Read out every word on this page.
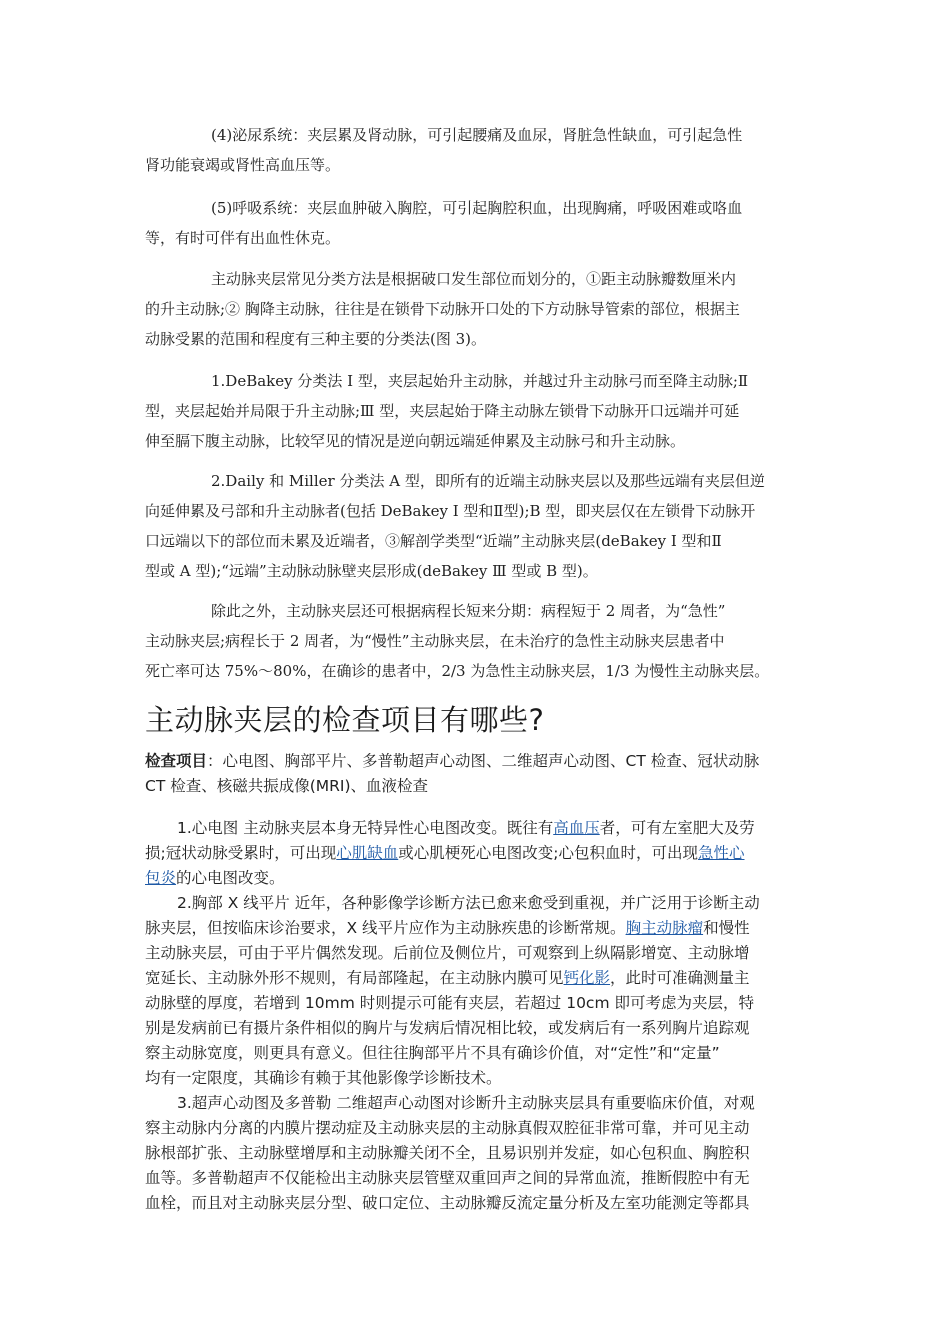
(4)泌尿系统：夹层累及肾动脉，可引起腰痛及血尿，肾脏急性缺血，可引起急性
肾功能衰竭或肾性高血压等。
(5)呼吸系统：夹层血肿破入胸腔，可引起胸腔积血，出现胸痛，呼吸困难或咯血
等，有时可伴有出血性休克。
主动脉夹层常见分类方法是根据破口发生部位而划分的，①距主动脉瓣数厘米内
的升主动脉;② 胸降主动脉，往往是在锁骨下动脉开口处的下方动脉导管索的部位，根据主
动脉受累的范围和程度有三种主要的分类法(图 3)。
1.DeBakey 分类法 Ⅰ 型，夹层起始升主动脉，并越过升主动脉弓而至降主动脉;Ⅱ
型，夹层起始并局限于升主动脉;Ⅲ 型，夹层起始于降主动脉左锁骨下动脉开口远端并可延
伸至膈下腹主动脉，比较罕见的情况是逆向朝远端延伸累及主动脉弓和升主动脉。
2.Daily 和 Miller 分类法 A 型，即所有的近端主动脉夹层以及那些远端有夹层但逆
向延伸累及弓部和升主动脉者(包括 DeBakey Ⅰ 型和Ⅱ型);B 型，即夹层仅在左锁骨下动脉开
口远端以下的部位而未累及近端者，③解剖学类型“近端”主动脉夹层(deBakey Ⅰ 型和Ⅱ
型或 A 型);“远端”主动脉动脉壁夹层形成(deBakey Ⅲ 型或 B 型)。
除此之外，主动脉夹层还可根据病程长短来分期：病程短于 2 周者，为“急性”
主动脉夹层;病程长于 2 周者，为“慢性”主动脉夹层，在未治疗的急性主动脉夹层患者中
死亡率可达 75%～80%，在确诊的患者中，2/3 为急性主动脉夹层，1/3 为慢性主动脉夹层。
主动脉夹层的检查项目有哪些?
检查项目：心电图、胸部平片、多普勒超声心动图、二维超声心动图、CT 检查、冠状动脉
CT 检查、核磁共振成像(MRI)、血液检查
1.心电图 主动脉夹层本身无特异性心电图改变。既往有高血压者，可有左室肥大及劳
损;冠状动脉受累时，可出现心肌缺血或心肌梗死心电图改变;心包积血时，可出现急性心
包炎的心电图改变。
2.胸部 X 线平片 近年，各种影像学诊断方法已愈来愈受到重视，并广泛用于诊断主动
脉夹层，但按临床诊治要求，X 线平片应作为主动脉疾患的诊断常规。胸主动脉瘤和慢性
主动脉夹层，可由于平片偶然发现。后前位及侧位片，可观察到上纵隔影增宽、主动脉增
宽延长、主动脉外形不规则，有局部隆起，在主动脉内膜可见钙化影，此时可准确测量主
动脉壁的厚度，若增到 10mm 时则提示可能有夹层，若超过 10cm 即可考虑为夹层，特
别是发病前已有摄片条件相似的胸片与发病后情况相比较，或发病后有一系列胸片追踪观
察主动脉宽度，则更具有意义。但往往胸部平片不具有确诊价值，对“定性”和“定量”
均有一定限度，其确诊有赖于其他影像学诊断技术。
3.超声心动图及多普勒 二维超声心动图对诊断升主动脉夹层具有重要临床价值，对观
察主动脉内分离的内膜片摆动症及主动脉夹层的主动脉真假双腔征非常可靠，并可见主动
脉根部扩张、主动脉壁增厚和主动脉瓣关闭不全，且易识别并发症，如心包积血、胸腔积
血等。多普勒超声不仅能检出主动脉夹层管壁双重回声之间的异常血流，推断假腔中有无
血栓，而且对主动脉夹层分型、破口定位、主动脉瓣反流定量分析及左室功能测定等都具
